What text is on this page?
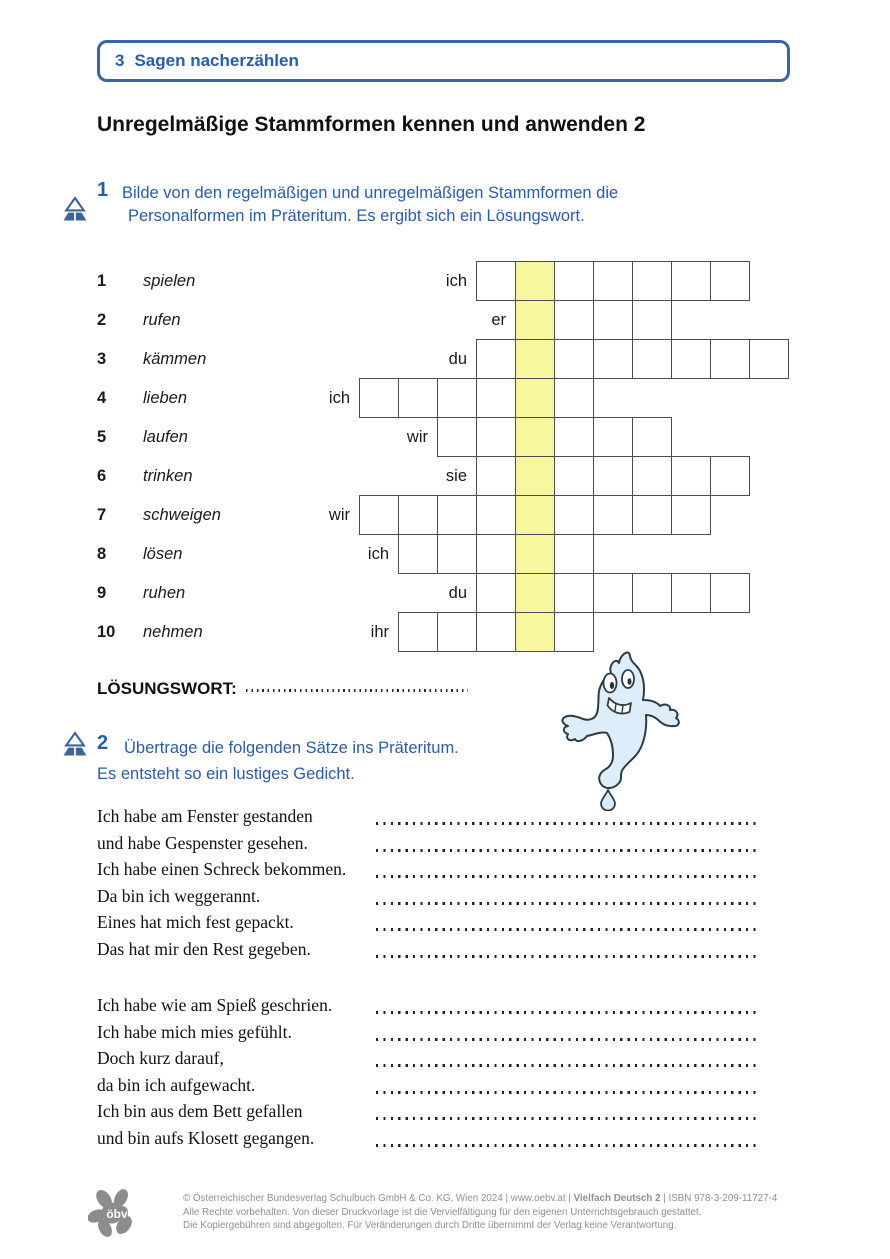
3 Sagen nacherzählen
Unregelmäßige Stammformen kennen und anwenden 2
1 Bilde von den regelmäßigen und unregelmäßigen Stammformen die
Personalformen im Präteritum. Es ergibt sich ein Lösungswort.
1 spielen	ich
2 rufen	er
3 kämmen	du
4 lieben	ich
5 laufen	wir
6 trinken	sie
7 schweigen	wir
8 lösen	ich
9 ruhen	du
10 nehmen	ihr
LÖSUNGSWORT:
2 Übertrage die folgenden Sätze ins Präteritum.
Es entsteht so ein lustiges Gedicht.
Ich habe am Fenster gestanden
und habe Gespenster gesehen.
Ich habe einen Schreck bekommen.
Da bin ich weggerannt.
Eines hat mich fest gepackt.
Das hat mir den Rest gegeben.
Ich habe wie am Spieß geschrien.
Ich habe mich mies gefühlt.
Doch kurz darauf,
da bin ich aufgewacht.
Ich bin aus dem Bett gefallen
und bin aufs Klosett gegangen.
öbv
© Österreichischer Bundesverlag Schulbuch GmbH & Co. KG, Wien 2024 | www.oebv.at | Vielfach Deutsch 2 | ISBN 978-3-209-11727-4
Alle Rechte vorbehalten. Von dieser Druckvorlage ist die Vervielfältigung für den eigenen Unterrichtsgebrauch gestattet.
Die Kopiergebühren sind abgegolten. Für Veränderungen durch Dritte übernimmt der Verlag keine Verantwortung.
